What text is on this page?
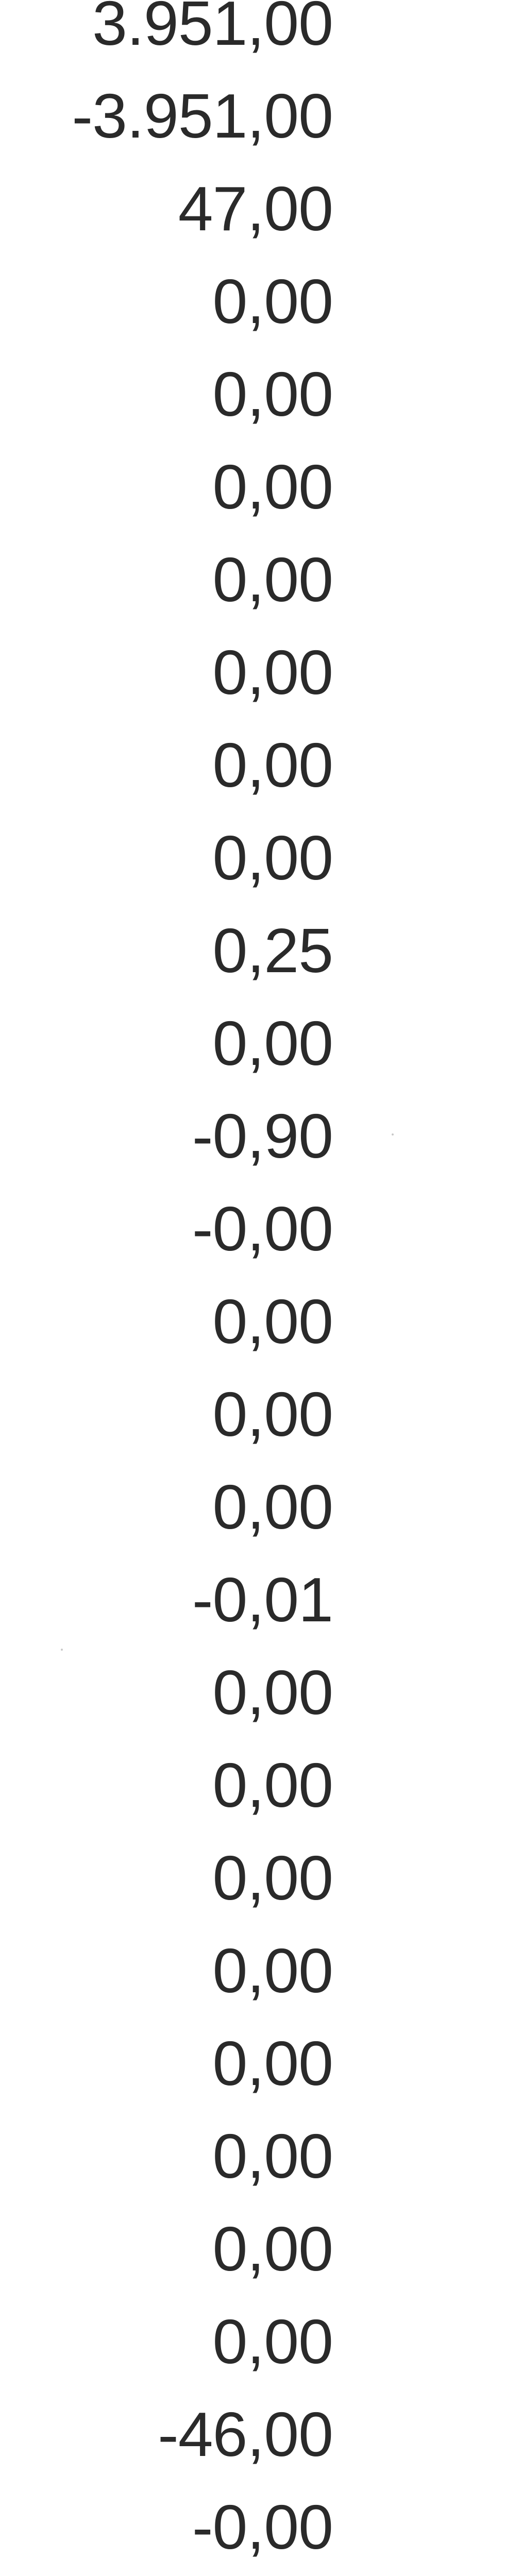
3.951,00
-3.951,00
47,00
0,00
0,00
0,00
0,00
0,00
0,00
0,00
0,25
0,00
-0,90
-0,00
0,00
0,00
0,00
-0,01
0,00
0,00
0,00
0,00
0,00
0,00
0,00
0,00
-46,00
-0,00
